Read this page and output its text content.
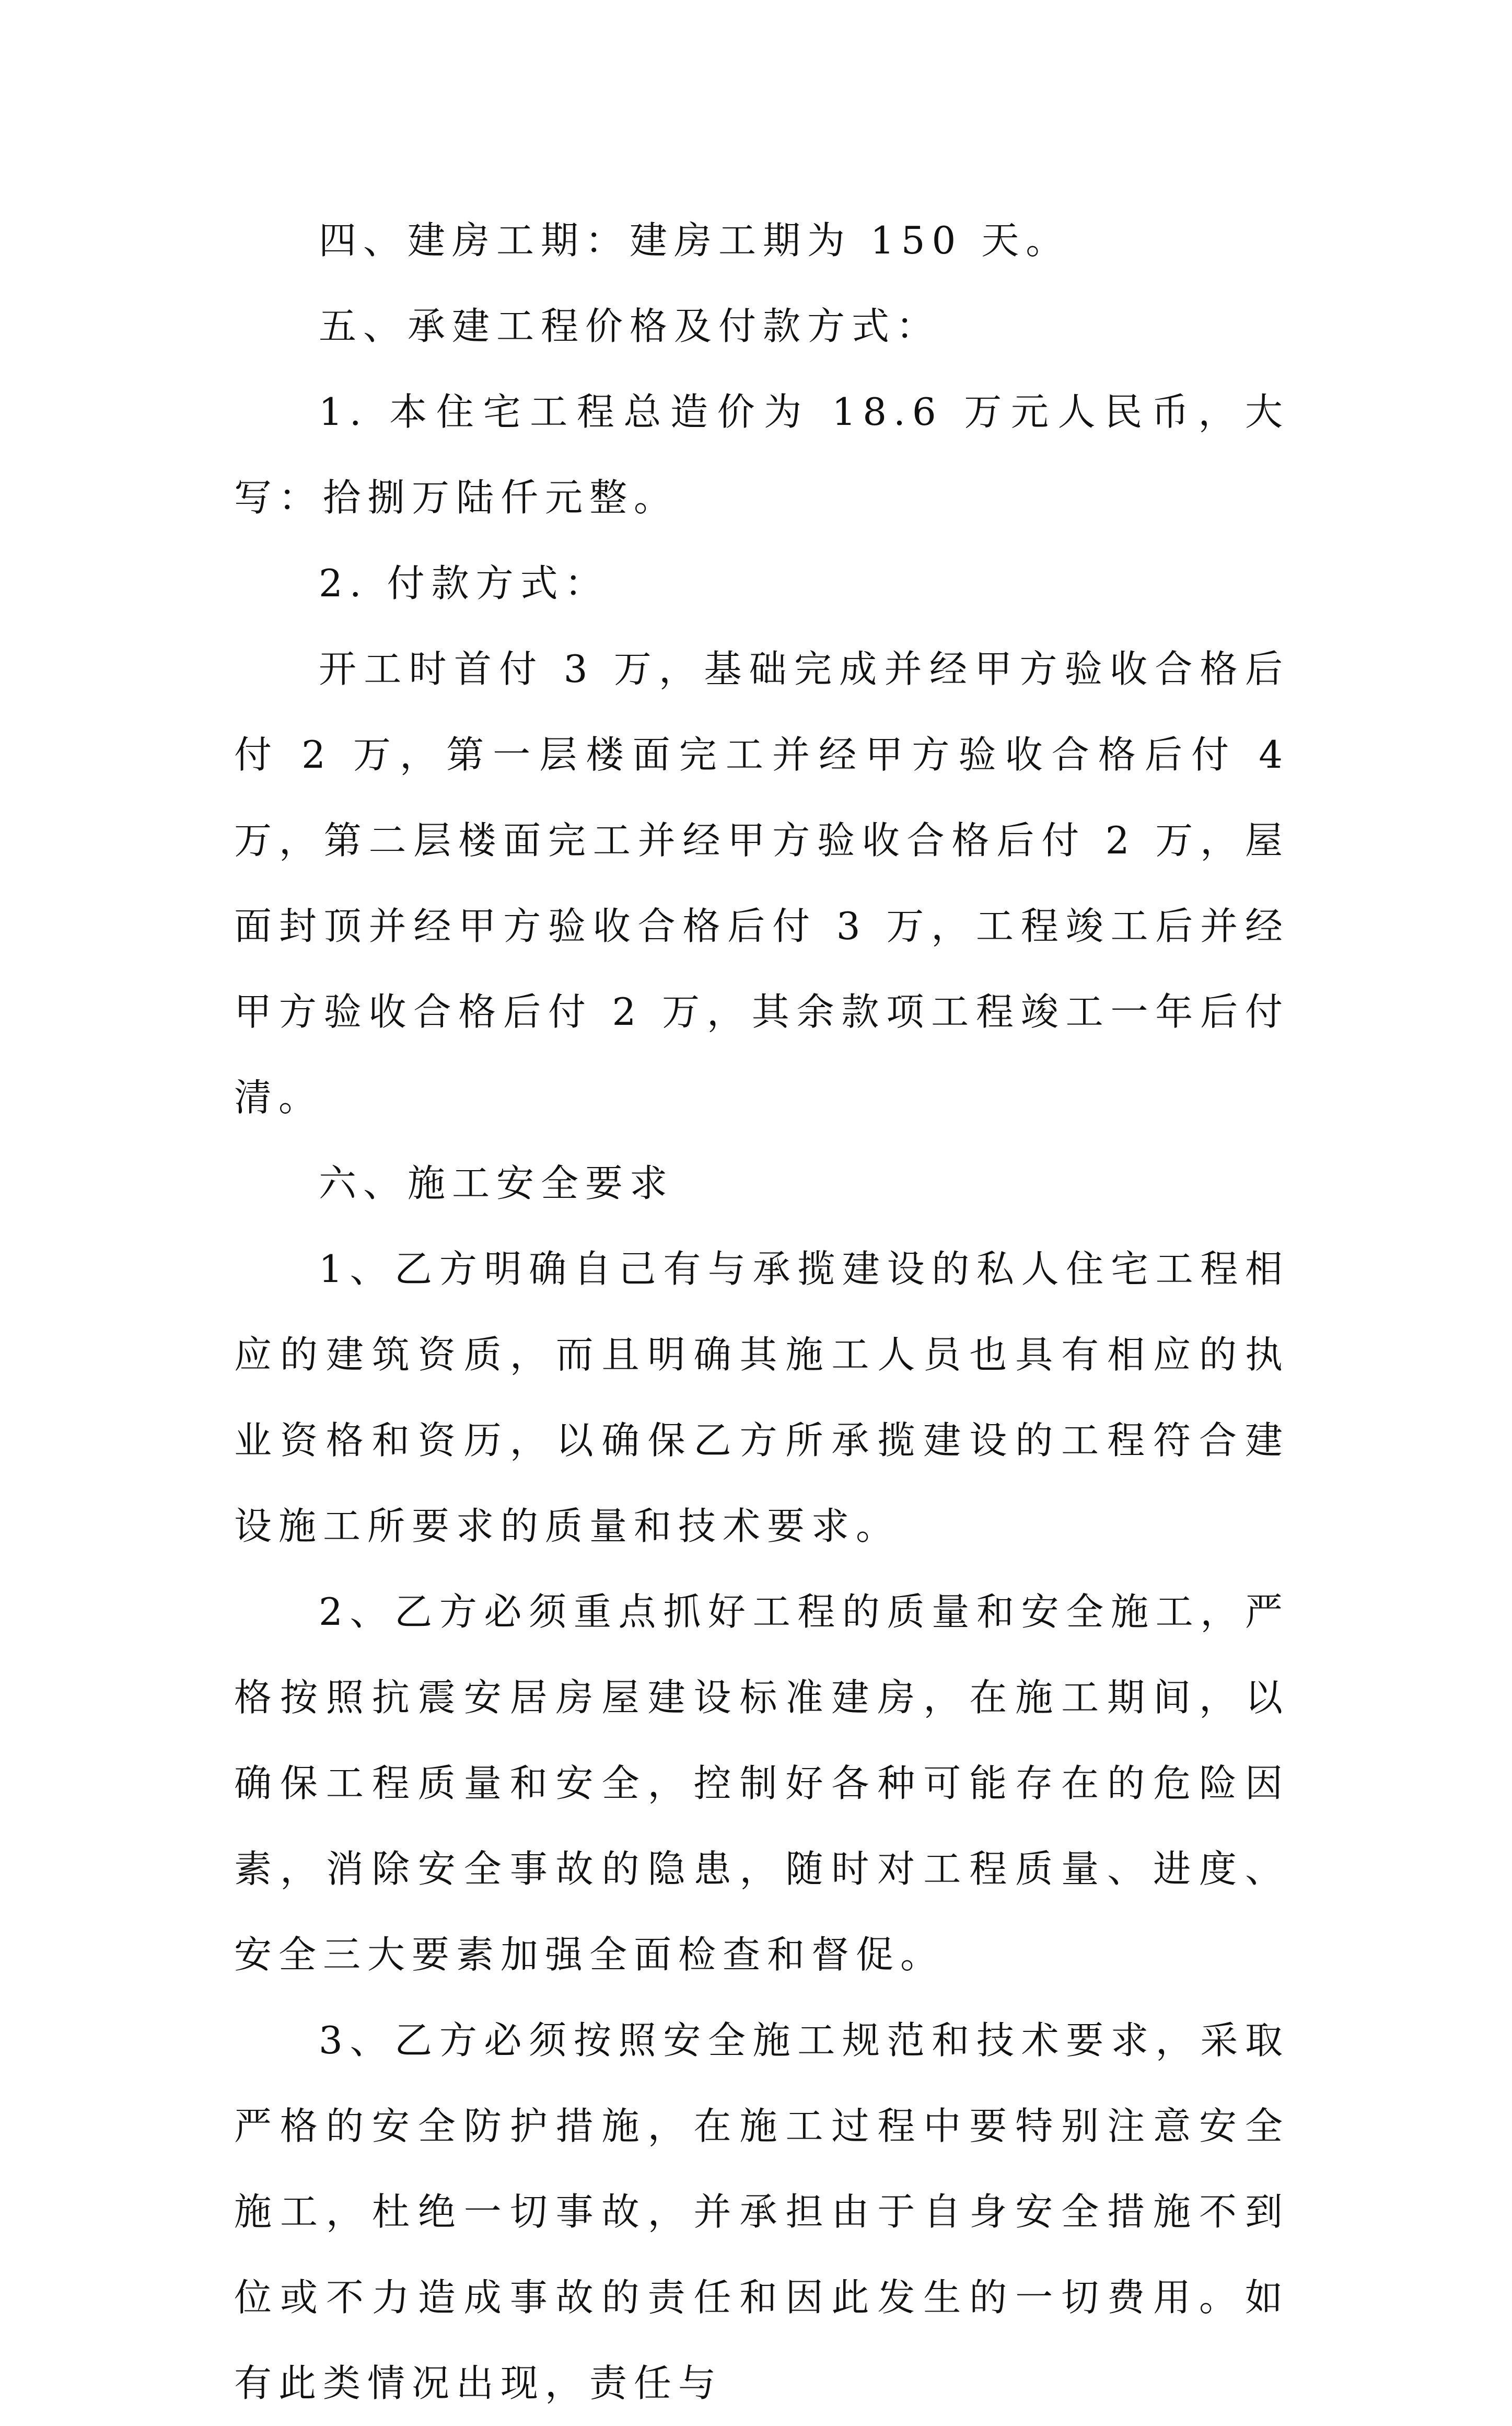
四、建房工期：建房工期为 150 天。

五、承建工程价格及付款方式：

1. 本住宅工程总造价为 18.6 万元人民币，大写：拾捌万陆仟元整。

2. 付款方式：

开工时首付 3 万，基础完成并经甲方验收合格后付 2 万，第一层楼面完工并经甲方验收合格后付 4 万，第二层楼面完工并经甲方验收合格后付 2 万，屋面封顶并经甲方验收合格后付 3 万，工程竣工后并经甲方验收合格后付 2 万，其余款项工程竣工一年后付清。

六、施工安全要求

1、乙方明确自己有与承揽建设的私人住宅工程相应的建筑资质，而且明确其施工人员也具有相应的执业资格和资历，以确保乙方所承揽建设的工程符合建设施工所要求的质量和技术要求。

2、乙方必须重点抓好工程的质量和安全施工，严格按照抗震安居房屋建设标准建房，在施工期间，以确保工程质量和安全，控制好各种可能存在的危险因素，消除安全事故的隐患，随时对工程质量、进度、安全三大要素加强全面检查和督促。

3、乙方必须按照安全施工规范和技术要求，采取严格的安全防护措施，在施工过程中要特别注意安全施工，杜绝一切事故，并承担由于自身安全措施不到位或不力造成事故的责任和因此发生的一切费用。如有此类情况出现，责任与
